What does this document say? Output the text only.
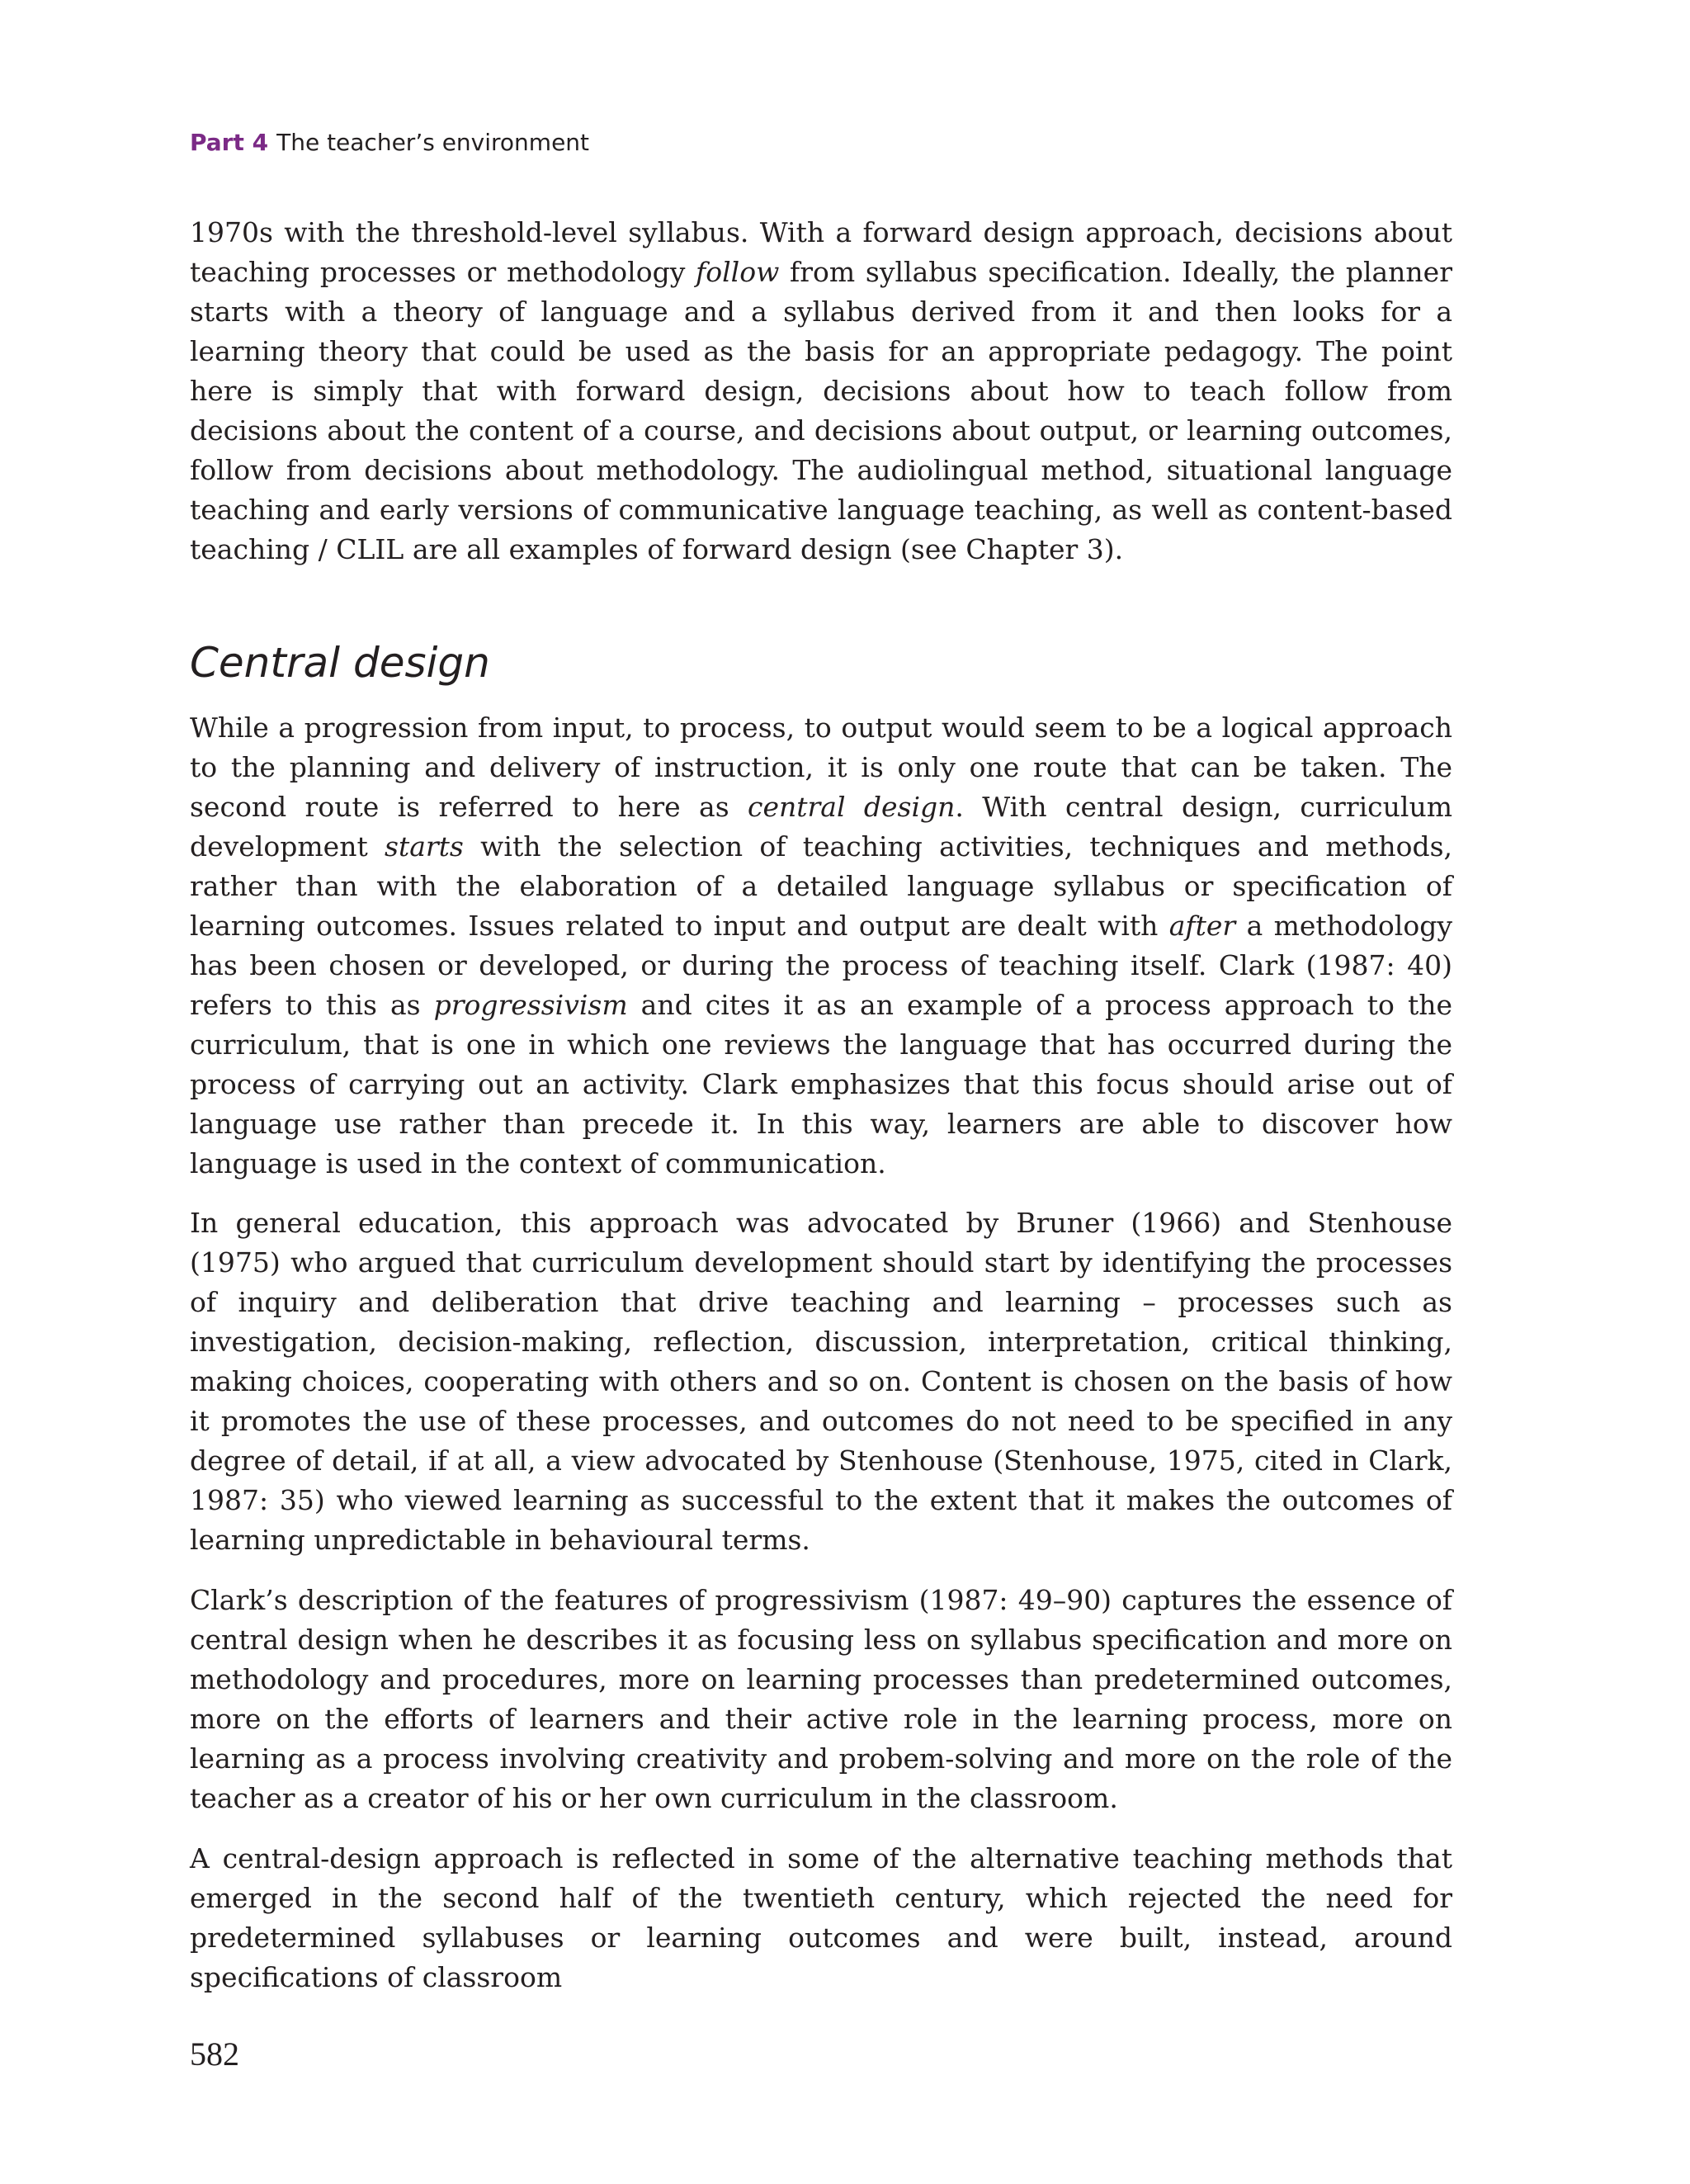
Part 4 The teacher’s environment

1970s with the threshold-level syllabus. With a forward design approach, decisions about teaching processes or methodology follow from syllabus specification. Ideally, the planner starts with a theory of language and a syllabus derived from it and then looks for a learning theory that could be used as the basis for an appropriate pedagogy. The point here is simply that with forward design, decisions about how to teach follow from decisions about the content of a course, and decisions about output, or learning outcomes, follow from decisions about methodology. The audiolingual method, situational language teaching and early versions of communicative language teaching, as well as content-based teaching / CLIL are all examples of forward design (see Chapter 3).

Central design

While a progression from input, to process, to output would seem to be a logical approach to the planning and delivery of instruction, it is only one route that can be taken. The second route is referred to here as central design. With central design, curriculum development starts with the selection of teaching activities, techniques and methods, rather than with the elaboration of a detailed language syllabus or specification of learning outcomes. Issues related to input and output are dealt with after a methodology has been chosen or developed, or during the process of teaching itself. Clark (1987: 40) refers to this as progressivism and cites it as an example of a process approach to the curriculum, that is one in which one reviews the language that has occurred during the process of carrying out an activity. Clark emphasizes that this focus should arise out of language use rather than precede it. In this way, learners are able to discover how language is used in the context of communication.

In general education, this approach was advocated by Bruner (1966) and Stenhouse (1975) who argued that curriculum development should start by identifying the processes of inquiry and deliberation that drive teaching and learning – processes such as investigation, decision-making, reflection, discussion, interpretation, critical thinking, making choices, cooperating with others and so on. Content is chosen on the basis of how it promotes the use of these processes, and outcomes do not need to be specified in any degree of detail, if at all, a view advocated by Stenhouse (Stenhouse, 1975, cited in Clark, 1987: 35) who viewed learning as successful to the extent that it makes the outcomes of learning unpredictable in behavioural terms.

Clark’s description of the features of progressivism (1987: 49–90) captures the essence of central design when he describes it as focusing less on syllabus specification and more on methodology and procedures, more on learning processes than predetermined outcomes, more on the efforts of learners and their active role in the learning process, more on learning as a process involving creativity and probem-solving and more on the role of the teacher as a creator of his or her own curriculum in the classroom.

A central-design approach is reflected in some of the alternative teaching methods that emerged in the second half of the twentieth century, which rejected the need for predetermined syllabuses or learning outcomes and were built, instead, around specifications of classroom

582
